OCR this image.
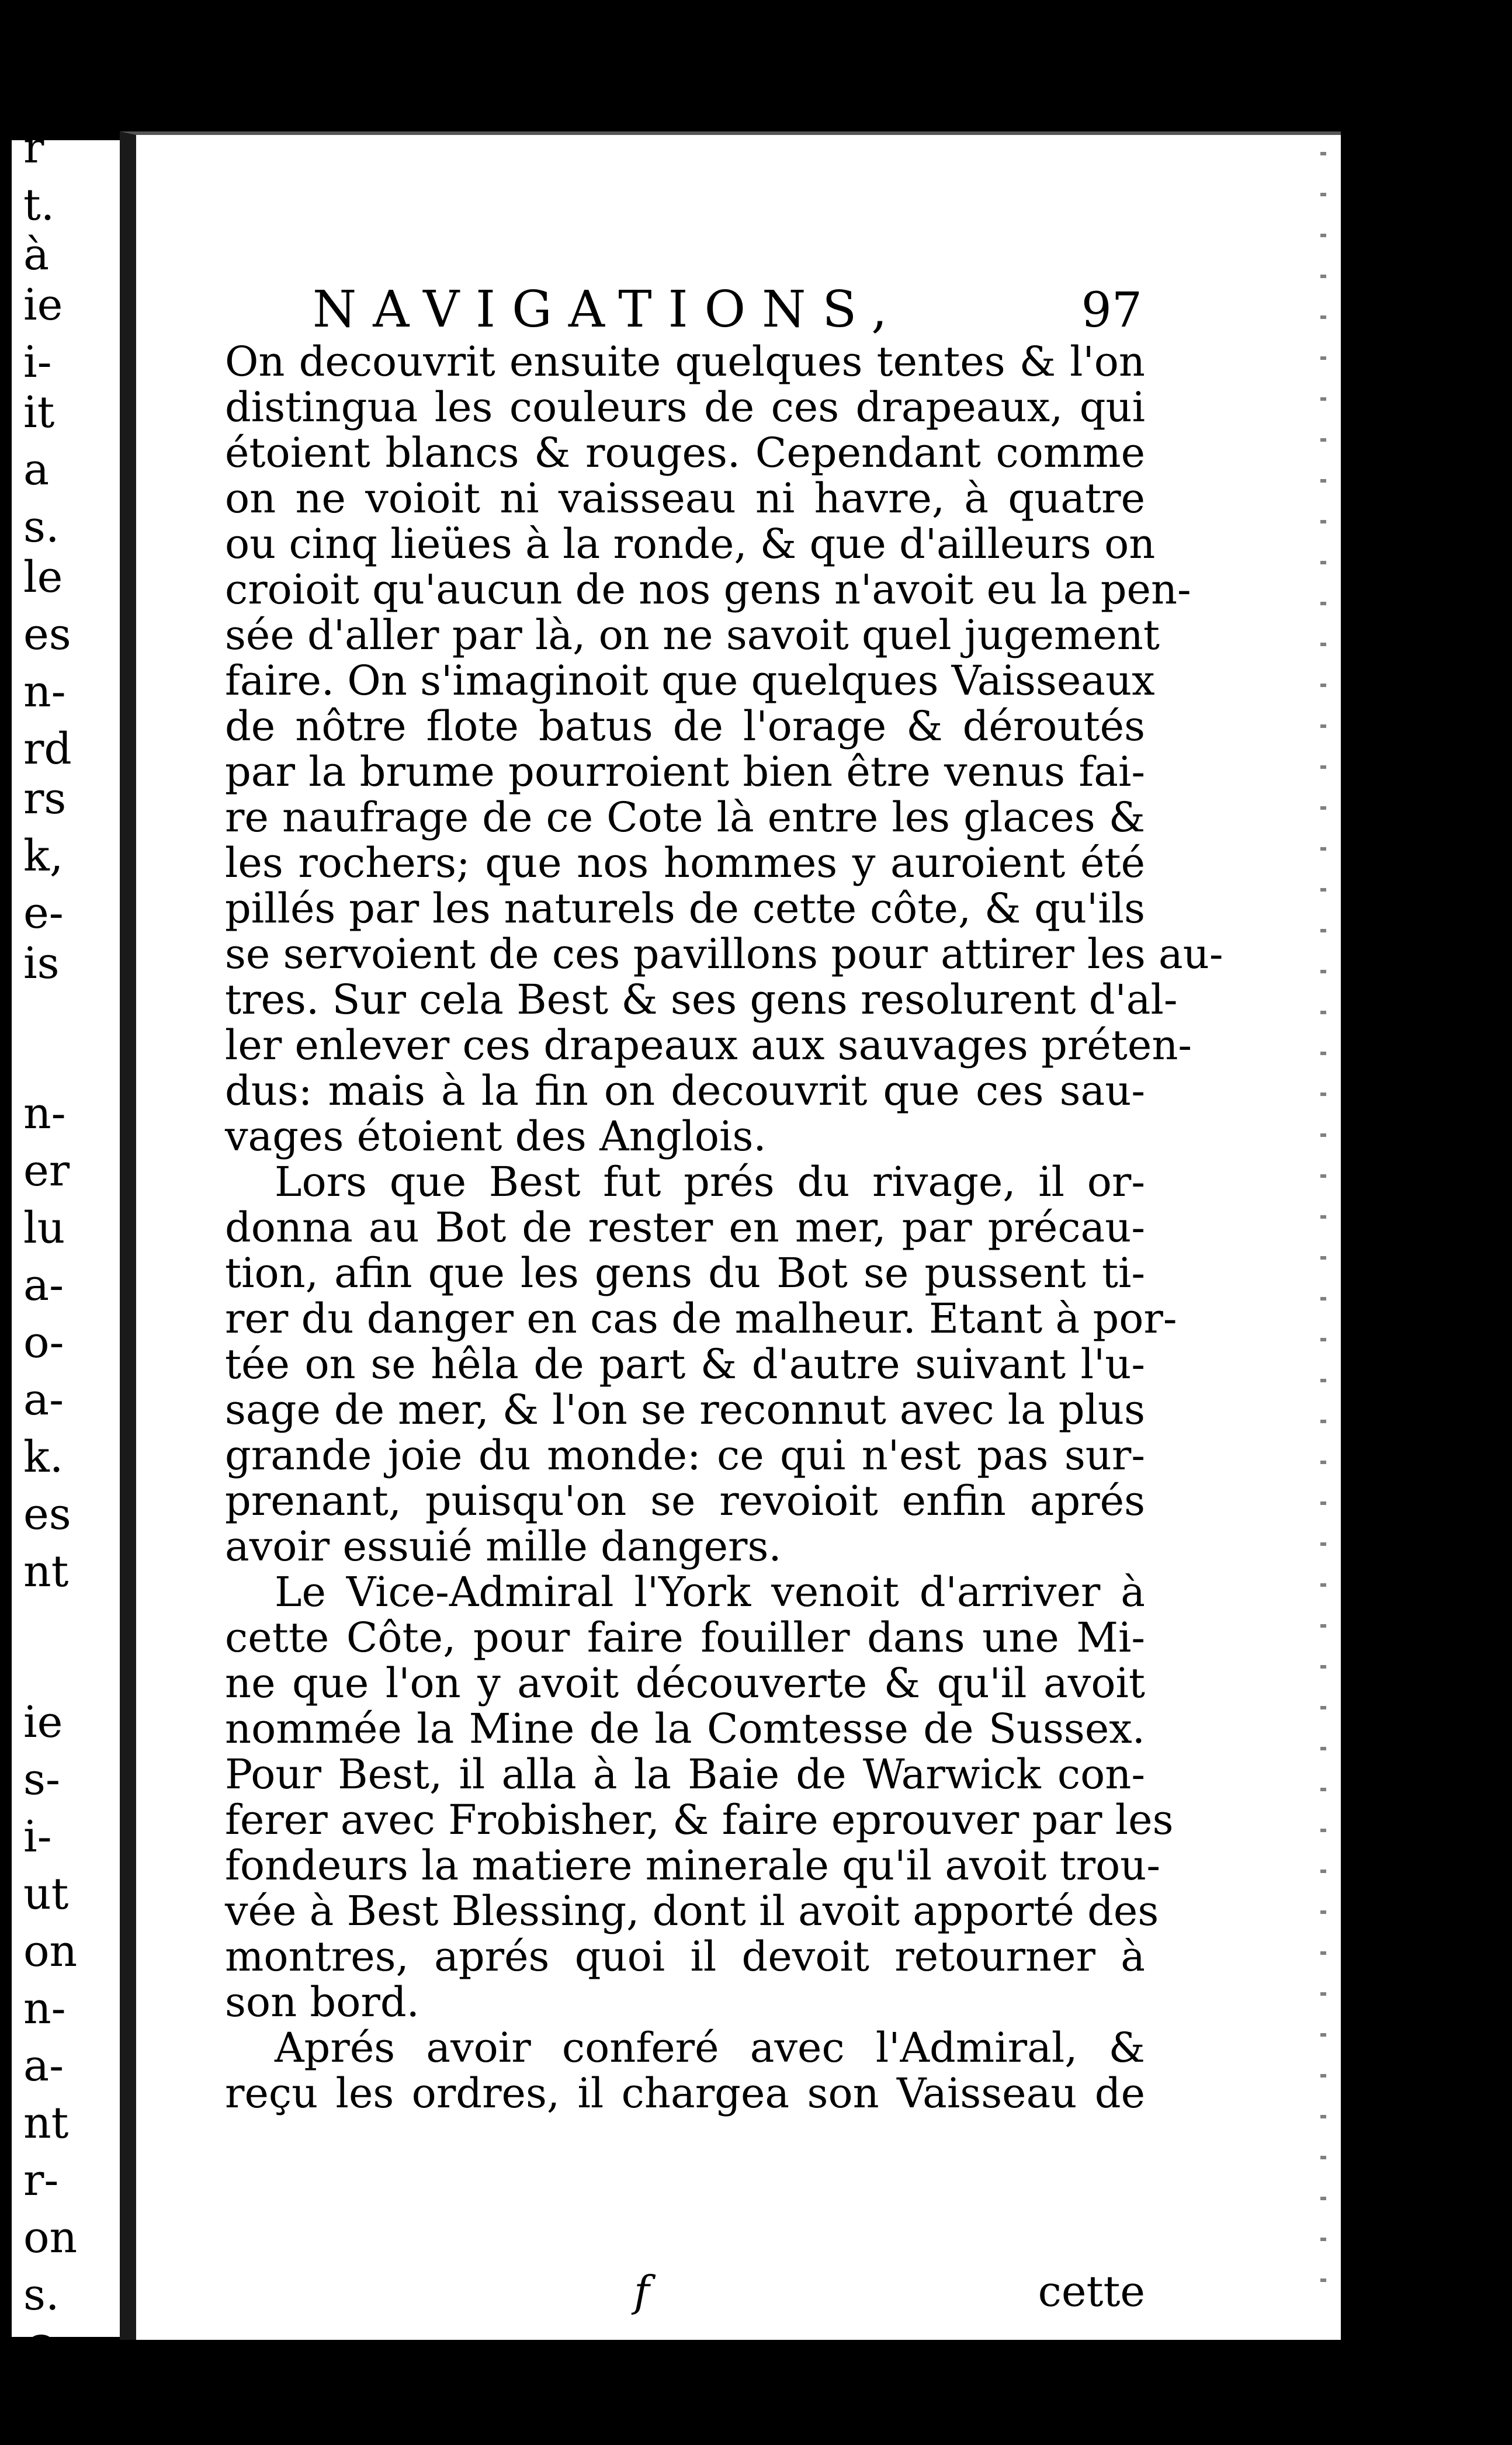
r
t.
à
ie
i-
it
a
s.
le
es
n-
rd
rs
k,
e-
is
n-
er
lu
a-
o-
a-
k.
es
nt
ie
s-
i-
ut
on
n-
a-
nt
r-
on
s.
On
NAVIGATIONS,	97
On decouvrit ensuite quelques tentes & l'on
distingua les couleurs de ces drapeaux, qui
étoient blancs & rouges. Cependant comme
on ne voioit ni vaisseau ni havre, à quatre
ou cinq lieües à la ronde, & que d'ailleurs on
croioit qu'aucun de nos gens n'avoit eu la pen-
sée d'aller par là, on ne savoit quel jugement
faire. On s'imaginoit que quelques Vaisseaux
de nôtre flote batus de l'orage & déroutés
par la brume pourroient bien être venus fai-
re naufrage de ce Cote là entre les glaces &
les rochers; que nos hommes y auroient été
pillés par les naturels de cette côte, & qu'ils
se servoient de ces pavillons pour attirer les au-
tres. Sur cela Best & ses gens resolurent d'al-
ler enlever ces drapeaux aux sauvages préten-
dus: mais à la fin on decouvrit que ces sau-
vages étoient des Anglois.
Lors que Best fut prés du rivage, il or-
donna au Bot de rester en mer, par précau-
tion, afin que les gens du Bot se pussent ti-
rer du danger en cas de malheur. Etant à por-
tée on se hêla de part & d'autre suivant l'u-
sage de mer, & l'on se reconnut avec la plus
grande joie du monde: ce qui n'est pas sur-
prenant, puisqu'on se revoioit enfin aprés
avoir essuié mille dangers.
Le Vice-Admiral l'York venoit d'arriver à
cette Côte, pour faire fouiller dans une Mi-
ne que l'on y avoit découverte & qu'il avoit
nommée la Mine de la Comtesse de Sussex.
Pour Best, il alla à la Baie de Warwick con-
ferer avec Frobisher, & faire eprouver par les
fondeurs la matiere minerale qu'il avoit trou-
vée à Best Blessing, dont il avoit apporté des
montres, aprés quoi il devoit retourner à
son bord.
Aprés avoir conferé avec l'Admiral, &
reçu les ordres, il chargea son Vaisseau de
f	cette
